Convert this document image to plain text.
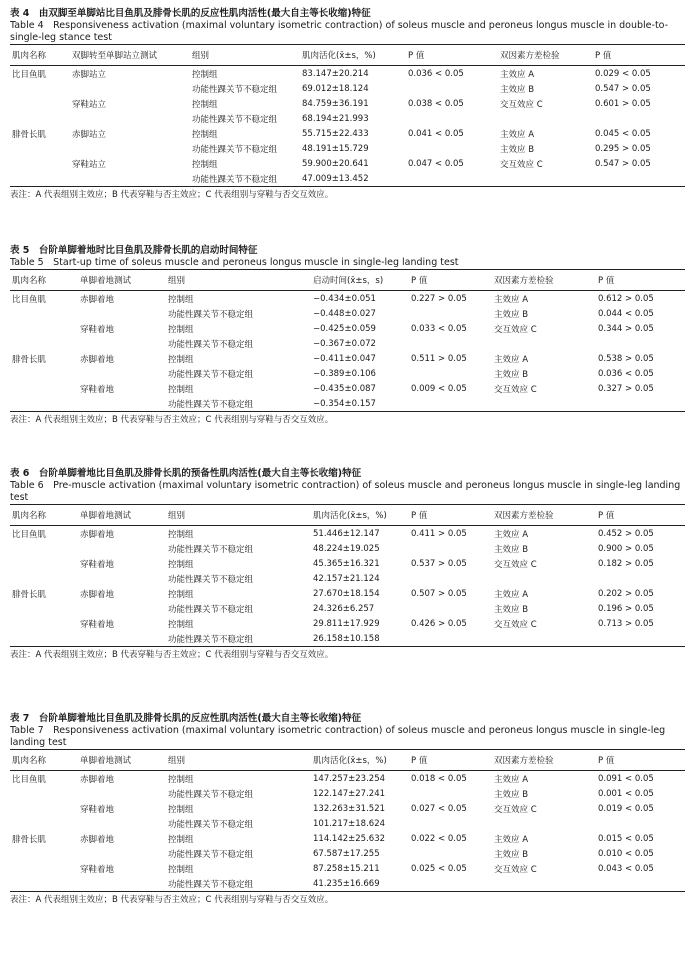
表 4　由双脚至单脚站比目鱼肌及腓骨长肌的反应性肌肉活性(最大自主等长收缩)特征
Table 4　Responsiveness activation (maximal voluntary isometric contraction) of soleus muscle and peroneus longus muscle in double-to-single-leg stance test
肌肉名称	双脚转至单脚站立测试	组别	肌肉活化(x̄±s，%)	P 值	双因素方差检验	P 值
比目鱼肌	赤脚站立	控制组	83.147±20.214	0.036 < 0.05	主效应 A	0.029 < 0.05
		功能性踝关节不稳定组	69.012±18.124		主效应 B	0.547 > 0.05
	穿鞋站立	控制组	84.759±36.191	0.038 < 0.05	交互效应 C	0.601 > 0.05
		功能性踝关节不稳定组	68.194±21.993			
腓骨长肌	赤脚站立	控制组	55.715±22.433	0.041 < 0.05	主效应 A	0.045 < 0.05
		功能性踝关节不稳定组	48.191±15.729		主效应 B	0.295 > 0.05
	穿鞋站立	控制组	59.900±20.641	0.047 < 0.05	交互效应 C	0.547 > 0.05
		功能性踝关节不稳定组	47.009±13.452			
表注：A 代表组别主效应；B 代表穿鞋与否主效应；C 代表组别与穿鞋与否交互效应。
表 5　台阶单脚着地时比目鱼肌及腓骨长肌的启动时间特征
Table 5　Start-up time of soleus muscle and peroneus longus muscle in single-leg landing test
肌肉名称	单脚着地测试	组别	启动时间(x̄±s，s)	P 值	双因素方差检验	P 值
比目鱼肌	赤脚着地	控制组	−0.434±0.051	0.227 > 0.05	主效应 A	0.612 > 0.05
		功能性踝关节不稳定组	−0.448±0.027		主效应 B	0.044 < 0.05
	穿鞋着地	控制组	−0.425±0.059	0.033 < 0.05	交互效应 C	0.344 > 0.05
		功能性踝关节不稳定组	−0.367±0.072			
腓骨长肌	赤脚着地	控制组	−0.411±0.047	0.511 > 0.05	主效应 A	0.538 > 0.05
		功能性踝关节不稳定组	−0.389±0.106		主效应 B	0.036 < 0.05
	穿鞋着地	控制组	−0.435±0.087	0.009 < 0.05	交互效应 C	0.327 > 0.05
		功能性踝关节不稳定组	−0.354±0.157			
表注：A 代表组别主效应；B 代表穿鞋与否主效应；C 代表组别与穿鞋与否交互效应。
表 6　台阶单脚着地比目鱼肌及腓骨长肌的预备性肌肉活性(最大自主等长收缩)特征
Table 6　Pre-muscle activation (maximal voluntary isometric contraction) of soleus muscle and peroneus longus muscle in single-leg landing test
肌肉名称	单脚着地测试	组别	肌肉活化(x̄±s，%)	P 值	双因素方差检验	P 值
比目鱼肌	赤脚着地	控制组	51.446±12.147	0.411 > 0.05	主效应 A	0.452 > 0.05
		功能性踝关节不稳定组	48.224±19.025		主效应 B	0.900 > 0.05
	穿鞋着地	控制组	45.365±16.321	0.537 > 0.05	交互效应 C	0.182 > 0.05
		功能性踝关节不稳定组	42.157±21.124			
腓骨长肌	赤脚着地	控制组	27.670±18.154	0.507 > 0.05	主效应 A	0.202 > 0.05
		功能性踝关节不稳定组	24.326±6.257		主效应 B	0.196 > 0.05
	穿鞋着地	控制组	29.811±17.929	0.426 > 0.05	交互效应 C	0.713 > 0.05
		功能性踝关节不稳定组	26.158±10.158			
表注：A 代表组别主效应；B 代表穿鞋与否主效应；C 代表组别与穿鞋与否交互效应。
表 7　台阶单脚着地比目鱼肌及腓骨长肌的反应性肌肉活性(最大自主等长收缩)特征
Table 7　Responsiveness activation (maximal voluntary isometric contraction) of soleus muscle and peroneus longus muscle in single-leg landing test
肌肉名称	单脚着地测试	组别	肌肉活化(x̄±s，%)	P 值	双因素方差检验	P 值
比目鱼肌	赤脚着地	控制组	147.257±23.254	0.018 < 0.05	主效应 A	0.091 < 0.05
		功能性踝关节不稳定组	122.147±27.241		主效应 B	0.001 < 0.05
	穿鞋着地	控制组	132.263±31.521	0.027 < 0.05	交互效应 C	0.019 < 0.05
		功能性踝关节不稳定组	101.217±18.624			
腓骨长肌	赤脚着地	控制组	114.142±25.632	0.022 < 0.05	主效应 A	0.015 < 0.05
		功能性踝关节不稳定组	67.587±17.255		主效应 B	0.010 < 0.05
	穿鞋着地	控制组	87.258±15.211	0.025 < 0.05	交互效应 C	0.043 < 0.05
		功能性踝关节不稳定组	41.235±16.669			
表注：A 代表组别主效应；B 代表穿鞋与否主效应；C 代表组别与穿鞋与否交互效应。
